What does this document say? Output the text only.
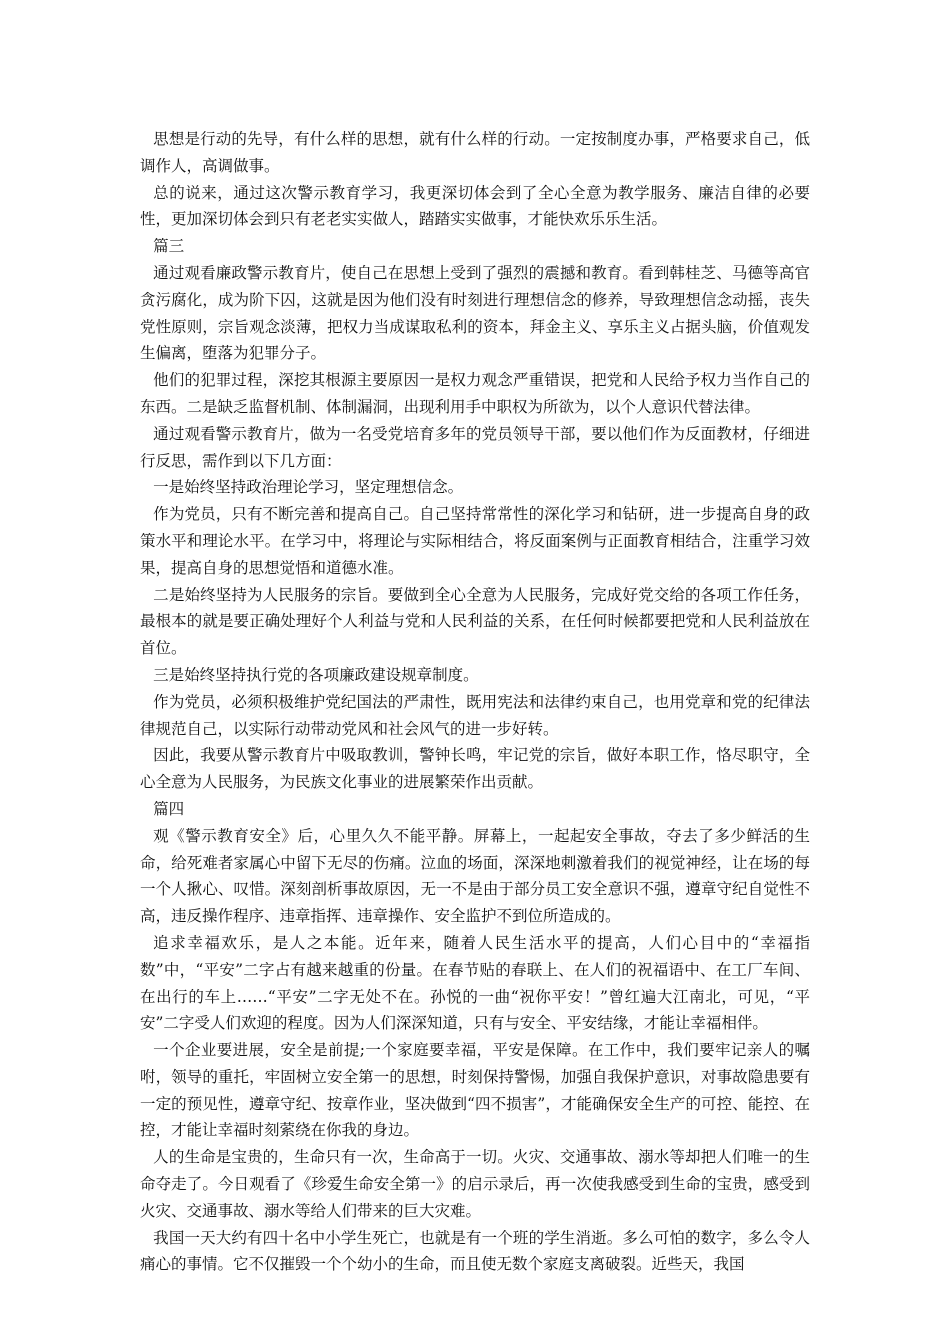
思想是行动的先导，有什么样的思想，就有什么样的行动。一定按制度办事，严格要求自己，低调作人，高调做事。

总的说来，通过这次警示教育学习，我更深切体会到了全心全意为教学服务、廉洁自律的必要性，更加深切体会到只有老老实实做人，踏踏实实做事，才能快欢乐乐生活。

篇三

通过观看廉政警示教育片，使自己在思想上受到了强烈的震撼和教育。看到韩桂芝、马德等高官贪污腐化，成为阶下囚，这就是因为他们没有时刻进行理想信念的修养，导致理想信念动摇，丧失党性原则，宗旨观念淡薄，把权力当成谋取私利的资本，拜金主义、享乐主义占据头脑，价值观发生偏离，堕落为犯罪分子。

他们的犯罪过程，深挖其根源主要原因一是权力观念严重错误，把党和人民给予权力当作自己的东西。二是缺乏监督机制、体制漏洞，出现利用手中职权为所欲为，以个人意识代替法律。

通过观看警示教育片，做为一名受党培育多年的党员领导干部，要以他们作为反面教材，仔细进行反思，需作到以下几方面：

一是始终坚持政治理论学习，坚定理想信念。

作为党员，只有不断完善和提高自己。自己坚持常常性的深化学习和钻研，进一步提高自身的政策水平和理论水平。在学习中，将理论与实际相结合，将反面案例与正面教育相结合，注重学习效果，提高自身的思想觉悟和道德水准。

二是始终坚持为人民服务的宗旨。要做到全心全意为人民服务，完成好党交给的各项工作任务，最根本的就是要正确处理好个人利益与党和人民利益的关系，在任何时候都要把党和人民利益放在首位。

三是始终坚持执行党的各项廉政建设规章制度。

作为党员，必须积极维护党纪国法的严肃性，既用宪法和法律约束自己，也用党章和党的纪律法律规范自己，以实际行动带动党风和社会风气的进一步好转。

因此，我要从警示教育片中吸取教训，警钟长鸣，牢记党的宗旨，做好本职工作，恪尽职守，全心全意为人民服务，为民族文化事业的进展繁荣作出贡献。

篇四

观《警示教育安全》后，心里久久不能平静。屏幕上，一起起安全事故，夺去了多少鲜活的生命，给死难者家属心中留下无尽的伤痛。泣血的场面，深深地刺激着我们的视觉神经，让在场的每一个人揪心、叹惜。深刻剖析事故原因，无一不是由于部分员工安全意识不强，遵章守纪自觉性不高，违反操作程序、违章指挥、违章操作、安全监护不到位所造成的。

追求幸福欢乐，是人之本能。近年来，随着人民生活水平的提高，人们心目中的“幸福指数”中，“平安”二字占有越来越重的份量。在春节贴的春联上、在人们的祝福语中、在工厂车间、在出行的车上……“平安”二字无处不在。孙悦的一曲“祝你平安！”曾红遍大江南北，可见，“平安”二字受人们欢迎的程度。因为人们深深知道，只有与安全、平安结缘，才能让幸福相伴。

一个企业要进展，安全是前提;一个家庭要幸福，平安是保障。在工作中，我们要牢记亲人的嘱咐，领导的重托，牢固树立安全第一的思想，时刻保持警惕，加强自我保护意识，对事故隐患要有一定的预见性，遵章守纪、按章作业，坚决做到“四不损害”，才能确保安全生产的可控、能控、在控，才能让幸福时刻萦绕在你我的身边。

人的生命是宝贵的，生命只有一次，生命高于一切。火灾、交通事故、溺水等却把人们唯一的生命夺走了。今日观看了《珍爱生命安全第一》的启示录后，再一次使我感受到生命的宝贵，感受到火灾、交通事故、溺水等给人们带来的巨大灾难。

我国一天大约有四十名中小学生死亡，也就是有一个班的学生消逝。多么可怕的数字，多么令人痛心的事情。它不仅摧毁一个个幼小的生命，而且使无数个家庭支离破裂。近些天，我国
